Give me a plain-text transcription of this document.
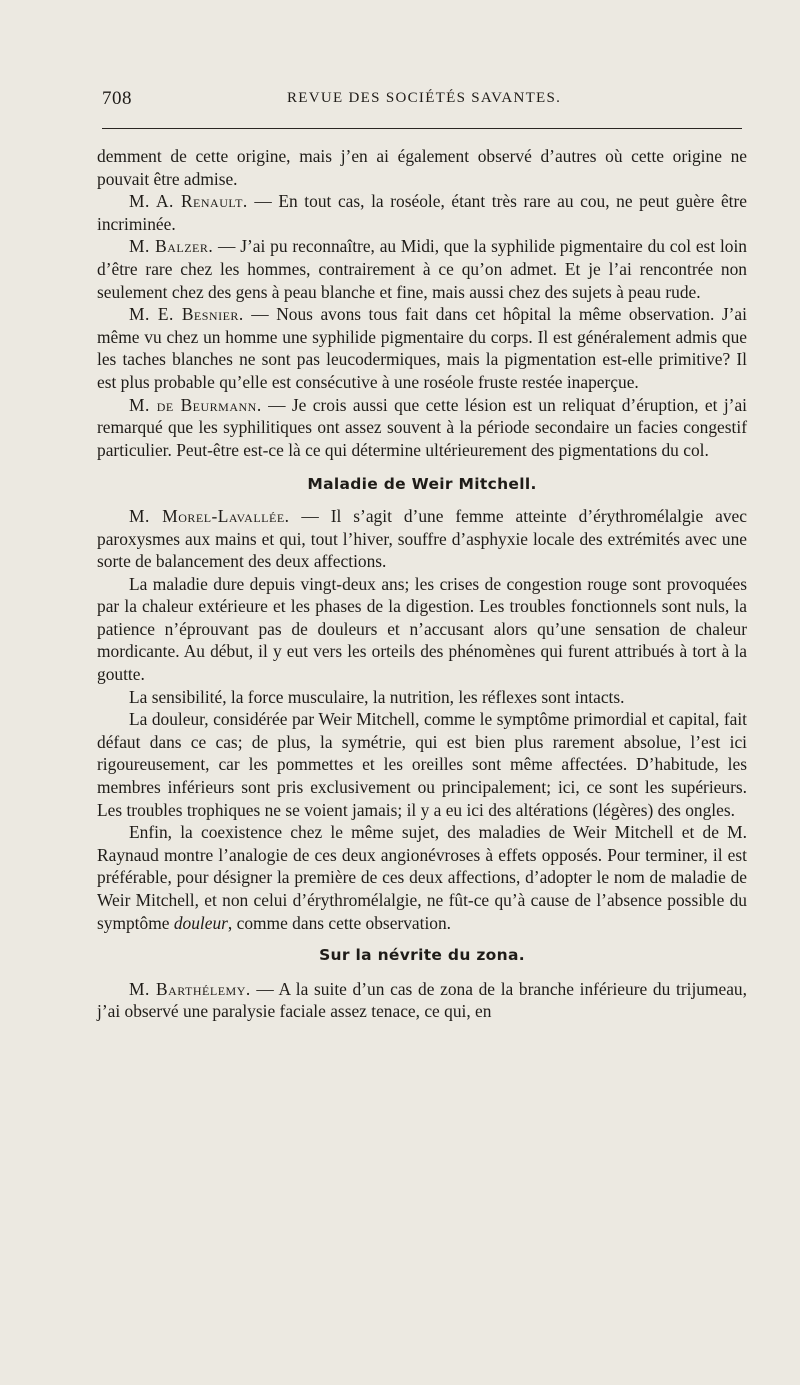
708	REVUE DES SOCIÉTÉS SAVANTES.

demment de cette origine, mais j’en ai également observé d’autres où cette origine ne pouvait être admise.

M. A. Renault. — En tout cas, la roséole, étant très rare au cou, ne peut guère être incriminée.

M. Balzer. — J’ai pu reconnaître, au Midi, que la syphilide pigmentaire du col est loin d’être rare chez les hommes, contrairement à ce qu’on admet. Et je l’ai rencontrée non seulement chez des gens à peau blanche et fine, mais aussi chez des sujets à peau rude.

M. E. Besnier. — Nous avons tous fait dans cet hôpital la même observation. J’ai même vu chez un homme une syphilide pigmentaire du corps. Il est généralement admis que les taches blanches ne sont pas leucodermiques, mais la pigmentation est-elle primitive? Il est plus probable qu’elle est consécutive à une roséole fruste restée inaperçue.

M. de Beurmann. — Je crois aussi que cette lésion est un reliquat d’éruption, et j’ai remarqué que les syphilitiques ont assez souvent à la période secondaire un facies congestif particulier. Peut-être est-ce là ce qui détermine ultérieurement des pigmentations du col.

Maladie de Weir Mitchell.

M. Morel-Lavallée. — Il s’agit d’une femme atteinte d’érythromélalgie avec paroxysmes aux mains et qui, tout l’hiver, souffre d’asphyxie locale des extrémités avec une sorte de balancement des deux affections.

La maladie dure depuis vingt-deux ans; les crises de congestion rouge sont provoquées par la chaleur extérieure et les phases de la digestion. Les troubles fonctionnels sont nuls, la patience n’éprouvant pas de douleurs et n’accusant alors qu’une sensation de chaleur mordicante. Au début, il y eut vers les orteils des phénomènes qui furent attribués à tort à la goutte.

La sensibilité, la force musculaire, la nutrition, les réflexes sont intacts.

La douleur, considérée par Weir Mitchell, comme le symptôme primordial et capital, fait défaut dans ce cas; de plus, la symétrie, qui est bien plus rarement absolue, l’est ici rigoureusement, car les pommettes et les oreilles sont même affectées. D’habitude, les membres inférieurs sont pris exclusivement ou principalement; ici, ce sont les supérieurs. Les troubles trophiques ne se voient jamais; il y a eu ici des altérations (légères) des ongles.

Enfin, la coexistence chez le même sujet, des maladies de Weir Mitchell et de M. Raynaud montre l’analogie de ces deux angionévroses à effets opposés. Pour terminer, il est préférable, pour désigner la première de ces deux affections, d’adopter le nom de maladie de Weir Mitchell, et non celui d’érythromélalgie, ne fût-ce qu’à cause de l’absence possible du symptôme douleur, comme dans cette observation.

Sur la névrite du zona.

M. Barthélemy. — A la suite d’un cas de zona de la branche inférieure du trijumeau, j’ai observé une paralysie faciale assez tenace, ce qui, en
